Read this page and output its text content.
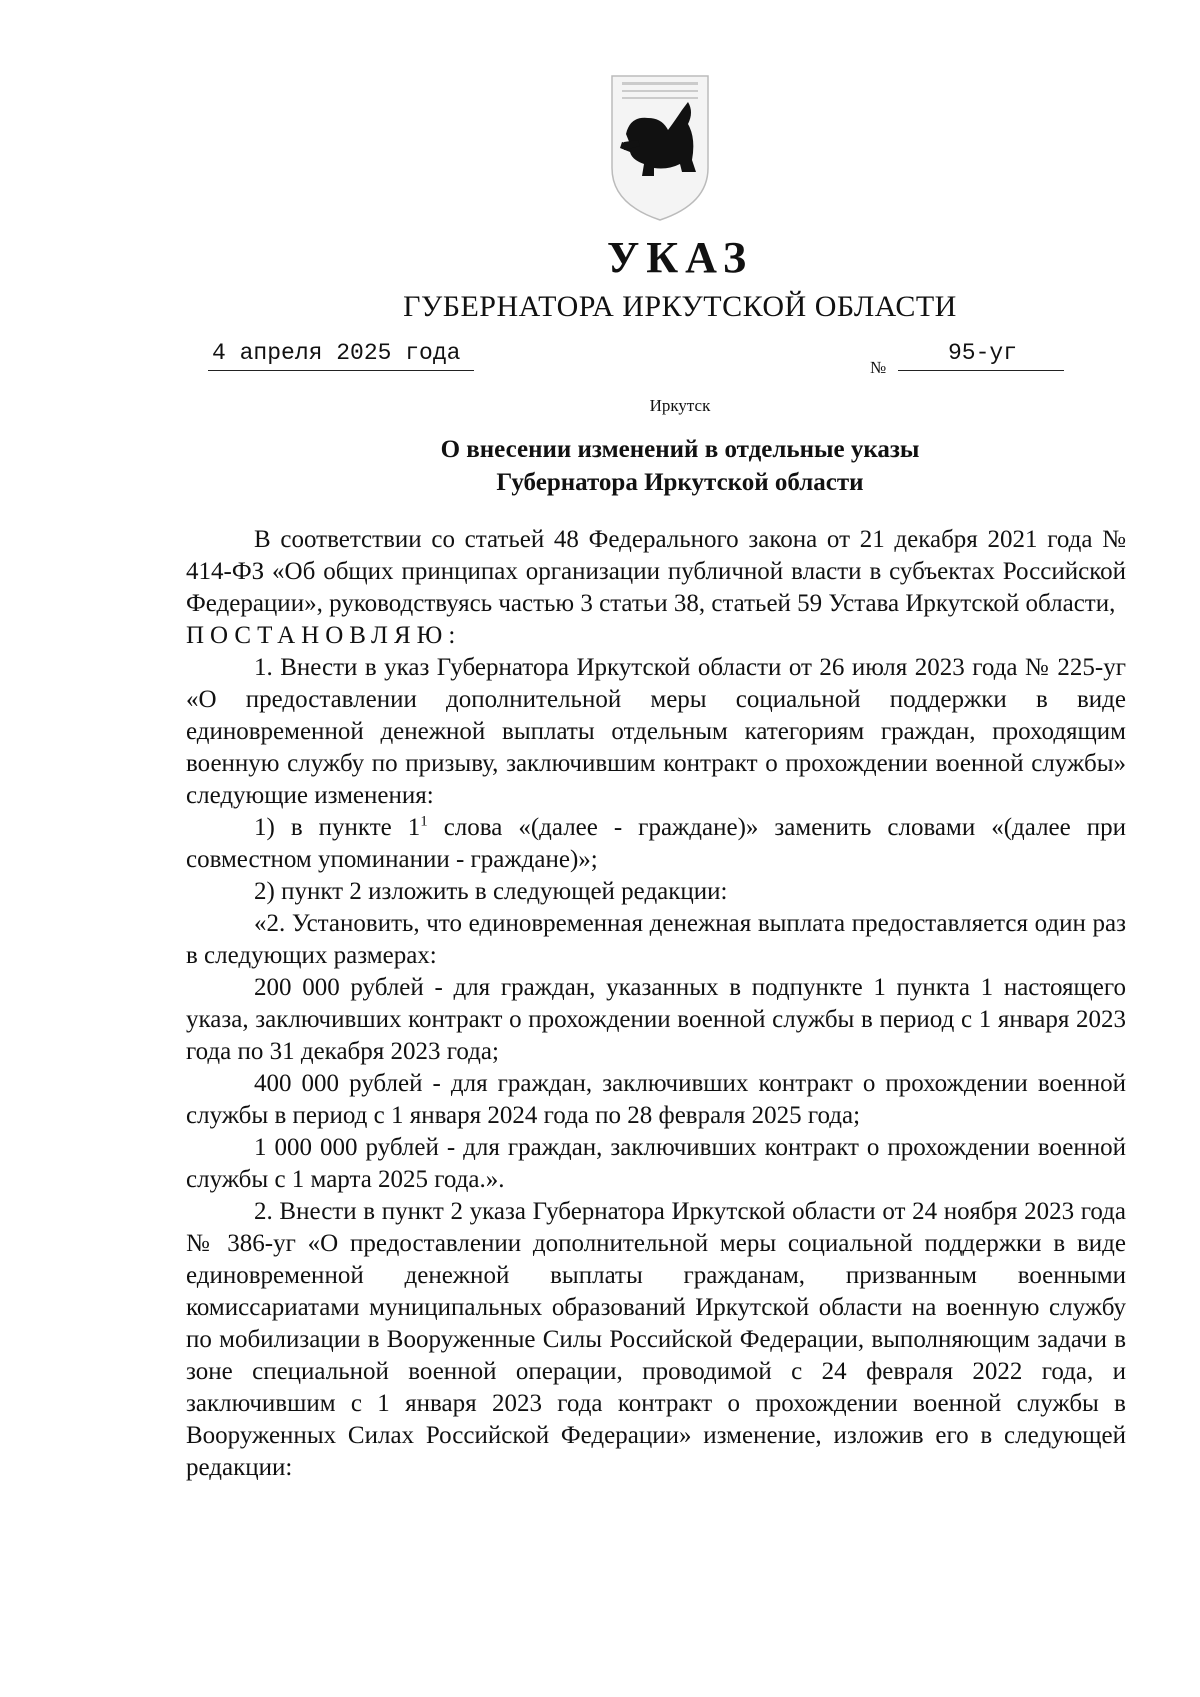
УКАЗ
ГУБЕРНАТОРА ИРКУТСКОЙ ОБЛАСТИ
4 апреля 2025 года
№
95-уг
Иркутск
О внесении изменений в отдельные указы
Губернатора Иркутской области

В соответствии со статьей 48 Федерального закона от 21 декабря 2021 года № 414-ФЗ «Об общих принципах организации публичной власти в субъектах Российской Федерации», руководствуясь частью 3 статьи 38, статьей 59 Устава Иркутской области,

ПОСТАНОВЛЯЮ:

1. Внести в указ Губернатора Иркутской области от 26 июля 2023 года № 225-уг «О предоставлении дополнительной меры социальной поддержки в виде единовременной денежной выплаты отдельным категориям граждан, проходящим военную службу по призыву, заключившим контракт о прохождении военной службы» следующие изменения:

1) в пункте $1^1$ слова «(далее - граждане)» заменить словами «(далее при совместном упоминании - граждане)»;

2) пункт 2 изложить в следующей редакции:

«2. Установить, что единовременная денежная выплата предоставляется один раз в следующих размерах:

200 000 рублей - для граждан, указанных в подпункте 1 пункта 1 настоящего указа, заключивших контракт о прохождении военной службы в период с 1 января 2023 года по 31 декабря 2023 года;

400 000 рублей - для граждан, заключивших контракт о прохождении военной службы в период с 1 января 2024 года по 28 февраля 2025 года;

1 000 000 рублей - для граждан, заключивших контракт о прохождении военной службы с 1 марта 2025 года.».

2. Внести в пункт 2 указа Губернатора Иркутской области от 24 ноября 2023 года № 386-уг «О предоставлении дополнительной меры социальной поддержки в виде единовременной денежной выплаты гражданам, призванным военными комиссариатами муниципальных образований Иркутской области на военную службу по мобилизации в Вооруженные Силы Российской Федерации, выполняющим задачи в зоне специальной военной операции, проводимой с 24 февраля 2022 года, и заключившим с 1 января 2023 года контракт о прохождении военной службы в Вооруженных Силах Российской Федерации» изменение, изложив его в следующей редакции:
